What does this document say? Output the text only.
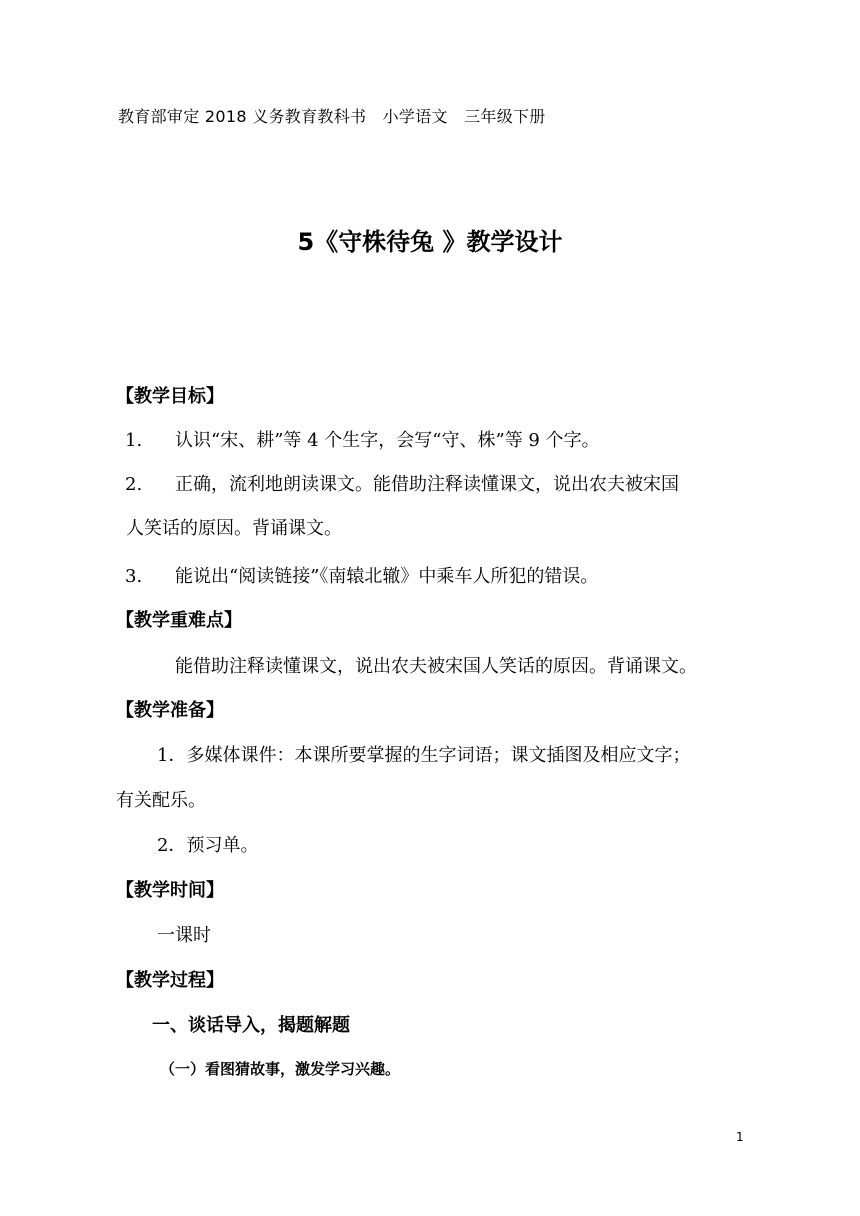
教育部审定 2018 义务教育教科书　小学语文　三年级下册
5《守株待兔 》教学设计
【教学目标】
1. 认识“宋、耕”等 4 个生字，会写“守、株”等 9 个字。
2. 正确，流利地朗读课文。能借助注释读懂课文，说出农夫被宋国
人笑话的原因。背诵课文。
3. 能说出“阅读链接”《南辕北辙》中乘车人所犯的错误。
【教学重难点】
能借助注释读懂课文，说出农夫被宋国人笑话的原因。背诵课文。
【教学准备】
1．多媒体课件：本课所要掌握的生字词语；课文插图及相应文字；
有关配乐。
2．预习单。
【教学时间】
一课时
【教学过程】
一、谈话导入，揭题解题
（一）看图猜故事，激发学习兴趣。
1
